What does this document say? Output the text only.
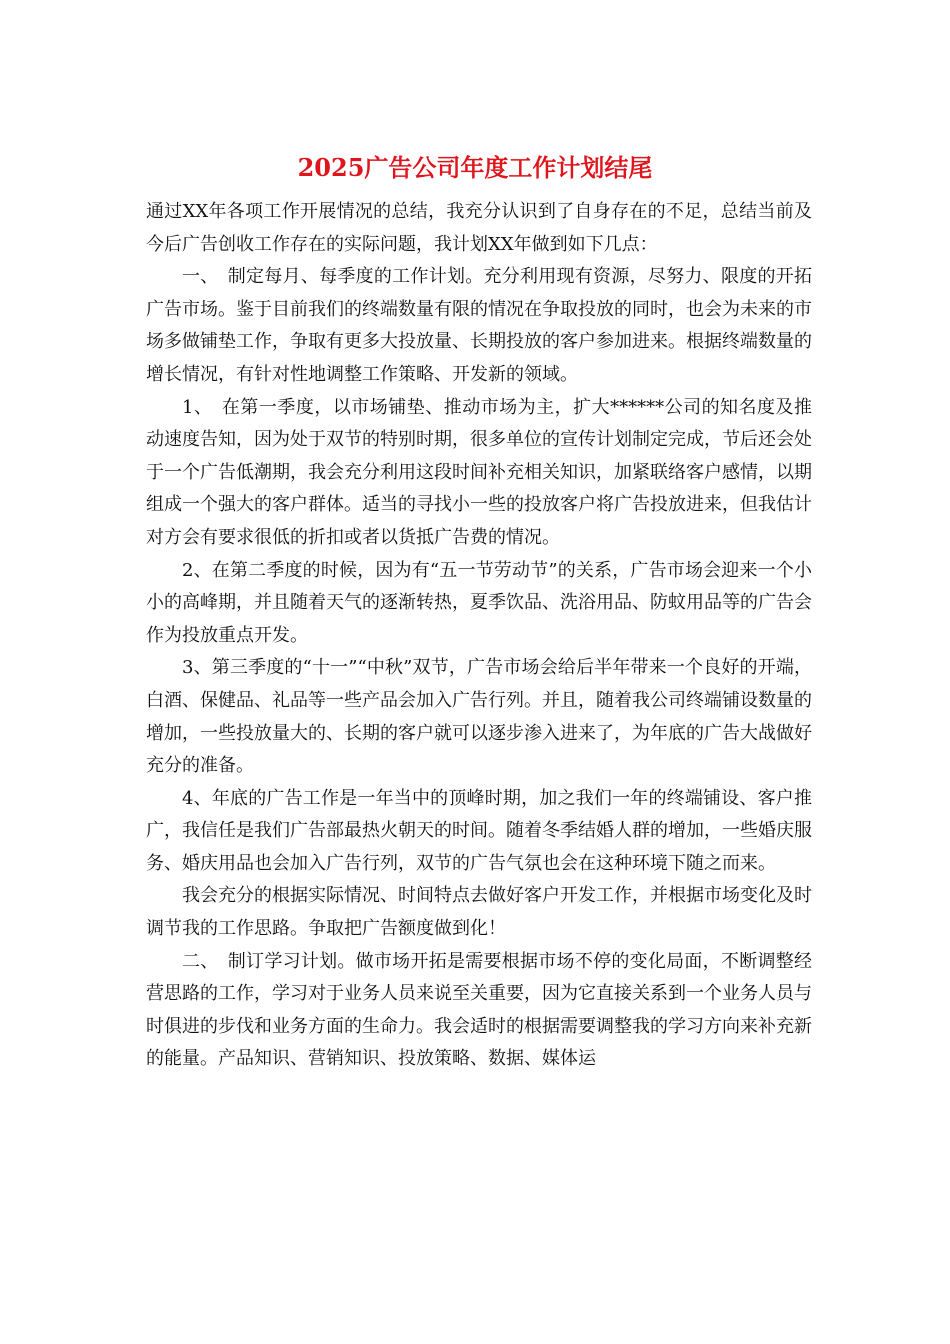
2025广告公司年度工作计划结尾

通过XX年各项工作开展情况的总结，我充分认识到了自身存在的不足，总结当前及今后广告创收工作存在的实际问题，我计划XX年做到如下几点：

一、　制定每月、每季度的工作计划。充分利用现有资源，尽努力、限度的开拓广告市场。鉴于目前我们的终端数量有限的情况在争取投放的同时，也会为未来的市场多做铺垫工作，争取有更多大投放量、长期投放的客户参加进来。根据终端数量的增长情况，有针对性地调整工作策略、开发新的领域。

1、　在第一季度，以市场铺垫、推动市场为主，扩大******公司的知名度及推动速度告知，因为处于双节的特别时期，很多单位的宣传计划制定完成，节后还会处于一个广告低潮期，我会充分利用这段时间补充相关知识，加紧联络客户感情，以期组成一个强大的客户群体。适当的寻找小一些的投放客户将广告投放进来，但我估计对方会有要求很低的折扣或者以货抵广告费的情况。

2、在第二季度的时候，因为有“五一节劳动节”的关系，广告市场会迎来一个小小的高峰期，并且随着天气的逐渐转热，夏季饮品、洗浴用品、防蚊用品等的广告会作为投放重点开发。

3、第三季度的“十一”“中秋”双节，广告市场会给后半年带来一个良好的开端，白酒、保健品、礼品等一些产品会加入广告行列。并且，随着我公司终端铺设数量的增加，一些投放量大的、长期的客户就可以逐步渗入进来了，为年底的广告大战做好充分的准备。

4、年底的广告工作是一年当中的顶峰时期，加之我们一年的终端铺设、客户推广，我信任是我们广告部最热火朝天的时间。随着冬季结婚人群的增加，一些婚庆服务、婚庆用品也会加入广告行列，双节的广告气氛也会在这种环境下随之而来。

我会充分的根据实际情况、时间特点去做好客户开发工作，并根据市场变化及时调节我的工作思路。争取把广告额度做到化！

二、　制订学习计划。做市场开拓是需要根据市场不停的变化局面，不断调整经营思路的工作，学习对于业务人员来说至关重要，因为它直接关系到一个业务人员与时俱进的步伐和业务方面的生命力。我会适时的根据需要调整我的学习方向来补充新的能量。产品知识、营销知识、投放策略、数据、媒体运
